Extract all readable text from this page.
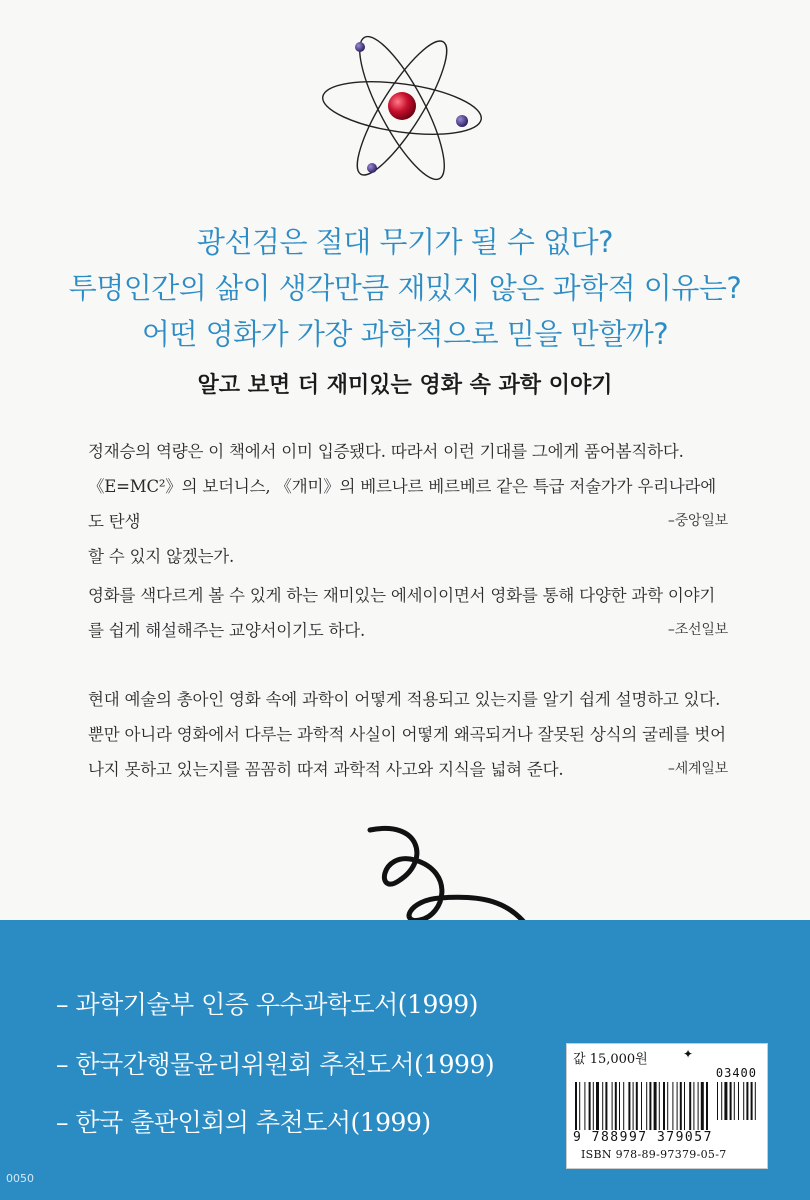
광선검은 절대 무기가 될 수 없다?
투명인간의 삶이 생각만큼 재밌지 않은 과학적 이유는?
어떤 영화가 가장 과학적으로 믿을 만할까?
알고 보면 더 재미있는 영화 속 과학 이야기
정재승의 역량은 이 책에서 이미 입증됐다. 따라서 이런 기대를 그에게 품어봄직하다.
《E=MC²》의 보더니스, 《개미》의 베르나르 베르베르 같은 특급 저술가가 우리나라에도 탄생
할 수 있지 않겠는가.
–중앙일보
영화를 색다르게 볼 수 있게 하는 재미있는 에세이이면서 영화를 통해 다양한 과학 이야기
를 쉽게 해설해주는 교양서이기도 하다.	–조선일보
현대 예술의 총아인 영화 속에 과학이 어떻게 적용되고 있는지를 알기 쉽게 설명하고 있다.
뿐만 아니라 영화에서 다루는 과학적 사실이 어떻게 왜곡되거나 잘못된 상식의 굴레를 벗어
나지 못하고 있는지를 꼼꼼히 따져 과학적 사고와 지식을 넓혀 준다.	–세계일보
– 과학기술부 인증 우수과학도서(1999)
– 한국간행물윤리위원회 추천도서(1999)
– 한국 출판인회의 추천도서(1999)
값 15,000원	✦
03400
9 788997 379057
ISBN 978-89-97379-05-7
0050
